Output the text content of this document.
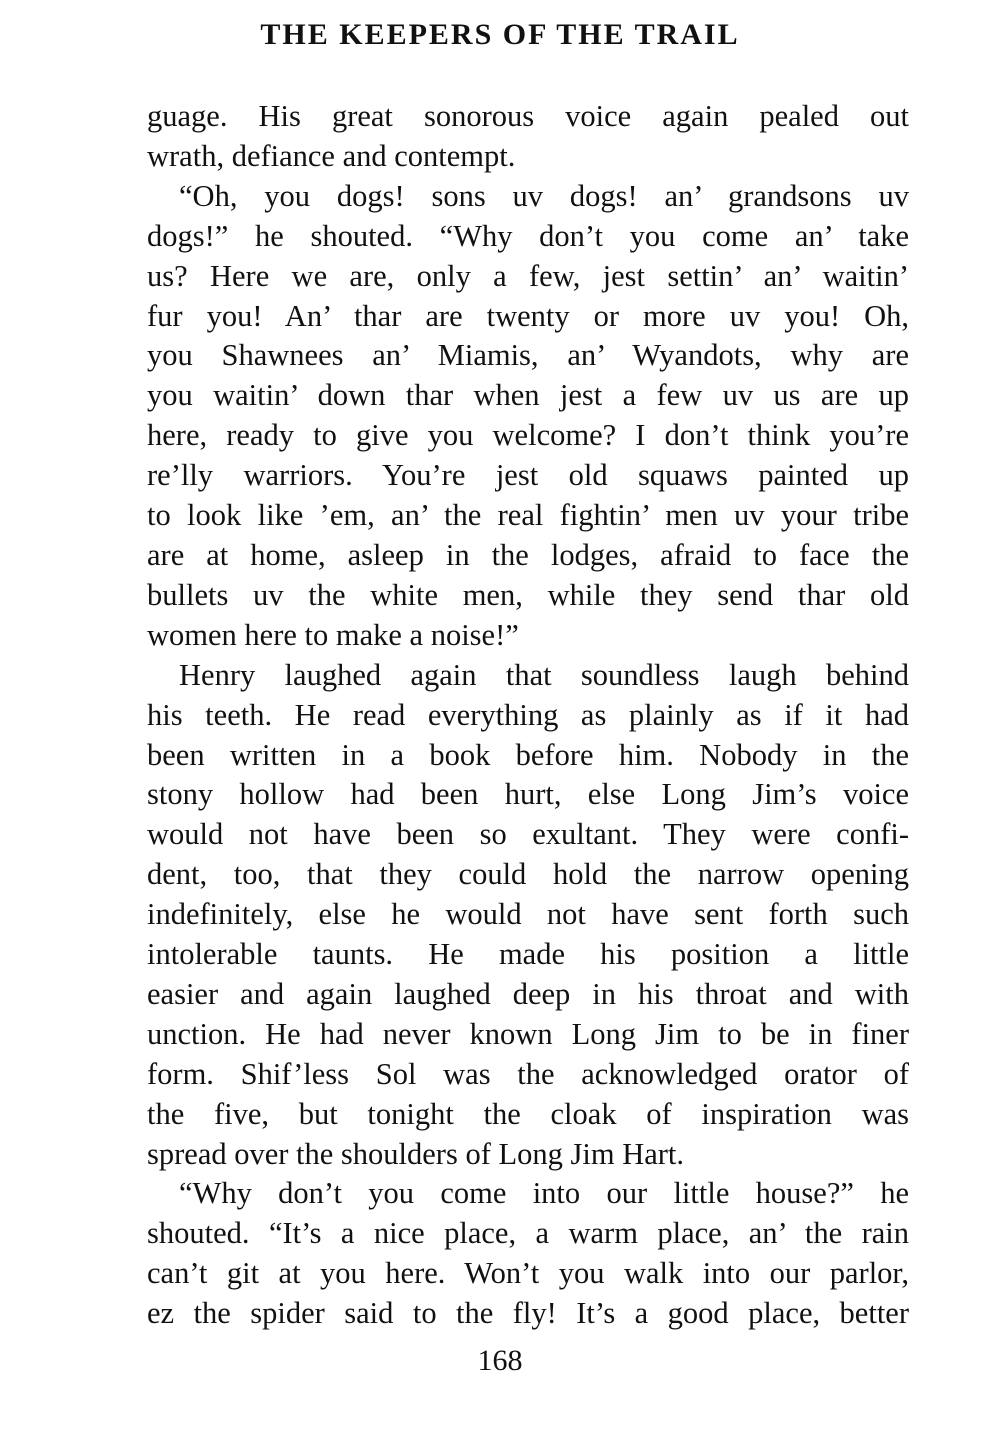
THE KEEPERS OF THE TRAIL
guage. His great sonorous voice again pealed out
wrath, defiance and contempt.
“Oh, you dogs! sons uv dogs! an’ grandsons uv
dogs!” he shouted. “Why don’t you come an’ take
us? Here we are, only a few, jest settin’ an’ waitin’
fur you! An’ thar are twenty or more uv you! Oh,
you Shawnees an’ Miamis, an’ Wyandots, why are
you waitin’ down thar when jest a few uv us are up
here, ready to give you welcome? I don’t think you’re
re’lly warriors. You’re jest old squaws painted up
to look like ’em, an’ the real fightin’ men uv your tribe
are at home, asleep in the lodges, afraid to face the
bullets uv the white men, while they send thar old
women here to make a noise!”
Henry laughed again that soundless laugh behind
his teeth. He read everything as plainly as if it had
been written in a book before him. Nobody in the
stony hollow had been hurt, else Long Jim’s voice
would not have been so exultant. They were confi-
dent, too, that they could hold the narrow opening
indefinitely, else he would not have sent forth such
intolerable taunts. He made his position a little
easier and again laughed deep in his throat and with
unction. He had never known Long Jim to be in finer
form. Shif’less Sol was the acknowledged orator of
the five, but tonight the cloak of inspiration was
spread over the shoulders of Long Jim Hart.
“Why don’t you come into our little house?” he
shouted. “It’s a nice place, a warm place, an’ the rain
can’t git at you here. Won’t you walk into our parlor,
ez the spider said to the fly! It’s a good place, better
168
